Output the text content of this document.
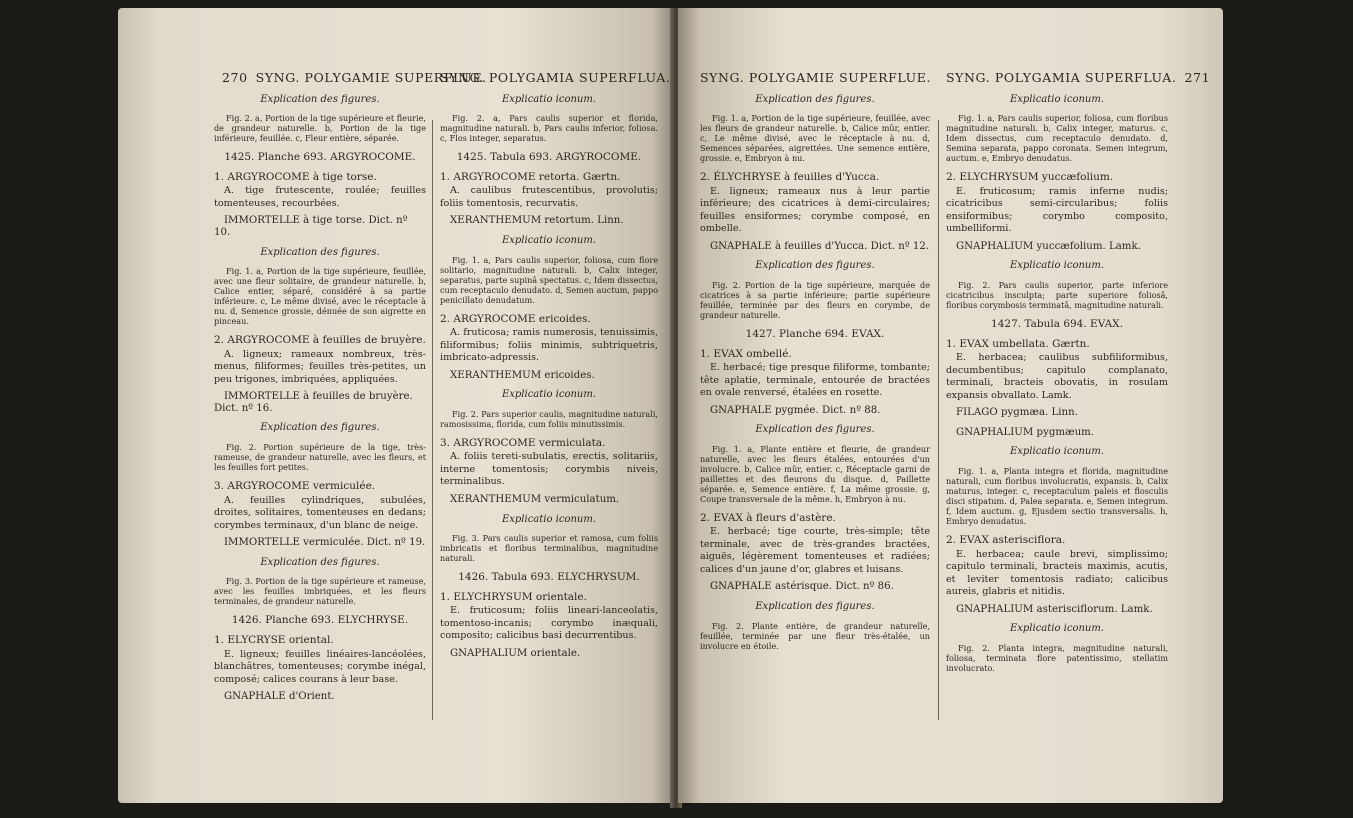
270 SYNG. POLYGAMIE SUPERFLUE.
Explication des figures.

Fig. 2. a, Portion de la tige supérieure et fleurie, de grandeur naturelle. b, Portion de la tige inférieure, feuillée. c, Fleur entière, séparée.

1425. Planche 693. ARGYROCOME.
1. ARGYROCOME à tige torse.

A. tige frutescente, roulée; feuilles tomenteuses, recourbées.

IMMORTELLE à tige torse. Dict. nº 10.
Explication des figures.

Fig. 1. a, Portion de la tige supérieure, feuillée, avec une fleur solitaire, de grandeur naturelle. b, Calice entier, séparé, considéré à sa partie inférieure. c, Le même divisé, avec le réceptacle à nu. d, Semence grossie, dénuée de son aigrette en pinceau.

2. ARGYROCOME à feuilles de bruyère.

A. ligneux; rameaux nombreux, très-menus, filiformes; feuilles très-petites, un peu trigones, imbriquées, appliquées.

IMMORTELLE à feuilles de bruyère. Dict. nº 16.
Explication des figures.

Fig. 2. Portion supérieure de la tige, très-rameuse, de grandeur naturelle, avec les fleurs, et les feuilles fort petites.

3. ARGYROCOME vermiculée.

A. feuilles cylindriques, subulées, droites, solitaires, tomenteuses en dedans; corymbes terminaux, d'un blanc de neige.

IMMORTELLE vermiculée. Dict. nº 19.
Explication des figures.

Fig. 3. Portion de la tige supérieure et rameuse, avec les feuilles imbriquées, et les fleurs terminales, de grandeur naturelle.

1426. Planche 693. ELYCHRYSE.
1. ELYCRYSE oriental.

E. ligneux; feuilles linéaires-lancéolées, blanchâtres, tomenteuses; corymbe inégal, composé; calices courans à leur base.

GNAPHALE d'Orient.
SYNG. POLYGAMIA SUPERFLUA.
Explicatio iconum.

Fig. 2. a, Pars caulis superior et florida, magnitudine naturali. b, Pars caulis inferior, foliosa. c, Flos integer, separatus.

1425. Tabula 693. ARGYROCOME.
1. ARGYROCOME retorta. Gærtn.

A. caulibus frutescentibus, provolutis; foliis tomentosis, recurvatis.

XERANTHEMUM retortum. Linn.
Explicatio iconum.

Fig. 1. a, Pars caulis superior, foliosa, cum flore solitario, magnitudine naturali. b, Calix integer, separatus, parte supinâ spectatus. c, Idem dissectus, cum receptaculo denudato. d, Semen auctum, pappo penicillato denudatum.

2. ARGYROCOME ericoides.

A. fruticosa; ramis numerosis, tenuissimis, filiformibus; foliis minimis, subtriquetris, imbricato-adpressis.

XERANTHEMUM ericoides.
Explicatio iconum.

Fig. 2. Pars superior caulis, magnitudine naturali, ramosissima, florida, cum foliis minutissimis.

3. ARGYROCOME vermiculata.

A. foliis tereti-subulatis, erectis, solitariis, interne tomentosis; corymbis niveis, terminalibus.

XERANTHEMUM vermiculatum.
Explicatio iconum.

Fig. 3. Pars caulis superior et ramosa, cum foliis imbricatis et floribus terminalibus, magnitudine naturali.

1426. Tabula 693. ELYCHRYSUM.
1. ELYCHRYSUM orientale.

E. fruticosum; foliis lineari-lanceolatis, tomentoso-incanis; corymbo inæquali, composito; calicibus basi decurrentibus.

GNAPHALIUM orientale.
SYNG. POLYGAMIE SUPERFLUE.
Explication des figures.

Fig. 1. a, Portion de la tige supérieure, feuillée, avec les fleurs de grandeur naturelle. b, Calice mûr, entier. c, Le même divisé, avec le réceptacle à nu. d, Semences séparées, aigrettées. Une semence entière, grossie. e, Embryon à nu.

2. ÉLYCHRYSE à feuilles d'Yucca.

E. ligneux; rameaux nus à leur partie inférieure; des cicatrices à demi-circulaires; feuilles ensiformes; corymbe composé, en ombelle.

GNAPHALE à feuilles d'Yucca. Dict. nº 12.
Explication des figures.

Fig. 2. Portion de la tige supérieure, marquée de cicatrices à sa partie inférieure; partie supérieure feuillée, terminée par des fleurs en corymbe, de grandeur naturelle.

1427. Planche 694. EVAX.
1. EVAX ombellé.

E. herbacé; tige presque filiforme, tombante; tête aplatie, terminale, entourée de bractées en ovale renversé, étalées en rosette.

GNAPHALE pygmée. Dict. nº 88.
Explication des figures.

Fig. 1. a, Plante entière et fleurie, de grandeur naturelle, avec les fleurs étalées, entourées d'un involucre. b, Calice mûr, entier. c, Réceptacle garni de paillettes et des fleurons du disque. d, Paillette séparée. e, Semence entière. f, La même grossie. g, Coupe transversale de la même. h, Embryon à nu.

2. EVAX à fleurs d'astère.

E. herbacé; tige courte, très-simple; tête terminale, avec de très-grandes bractées, aiguës, légèrement tomenteuses et radiées; calices d'un jaune d'or, glabres et luisans.

GNAPHALE astérisque. Dict. nº 86.
Explication des figures.

Fig. 2. Plante entière, de grandeur naturelle, feuillée, terminée par une fleur très-étalée, un involucre en étoile.

SYNG. POLYGAMIA SUPERFLUA. 271
Explicatio iconum.

Fig. 1. a, Pars caulis superior, foliosa, cum floribus magnitudine naturali. b, Calix integer, maturus. c, Idem dissectus, cum receptaculo denudato. d, Semina separata, pappo coronata. Semen integrum, auctum. e, Embryo denudatus.

2. ELYCHRYSUM yuccæfolium.

E. fruticosum; ramis inferne nudis; cicatricibus semi-circularibus; foliis ensiformibus; corymbo composito, umbelliformi.

GNAPHALIUM yuccæfolium. Lamk.
Explicatio iconum.

Fig. 2. Pars caulis superior, parte inferiore cicatricibus insculpta; parte superiore foliosâ, floribus corymbosis terminatâ, magnitudine naturali.

1427. Tabula 694. EVAX.
1. EVAX umbellata. Gærtn.

E. herbacea; caulibus subfiliformibus, decumbentibus; capitulo complanato, terminali, bracteis obovatis, in rosulam expansis obvallato. Lamk.

FILAGO pygmæa. Linn.
GNAPHALIUM pygmæum.
Explicatio iconum.

Fig. 1. a, Planta integra et florida, magnitudine naturali, cum floribus involucratis, expansis. b, Calix maturus, integer. c, receptaculum paleis et flosculis disci stipatum. d, Palea separata. e, Semen integrum. f, Idem auctum. g, Ejusdem sectio transversalis. h, Embryo denudatus.

2. EVAX asterisciflora.

E. herbacea; caule brevi, simplissimo; capitulo terminali, bracteis maximis, acutis, et leviter tomentosis radiato; calicibus aureis, glabris et nitidis.

GNAPHALIUM asterisciflorum. Lamk.
Explicatio iconum.

Fig. 2. Planta integra, magnitudine naturali, foliosa, terminata flore patentissimo, stellatim involucrato.
